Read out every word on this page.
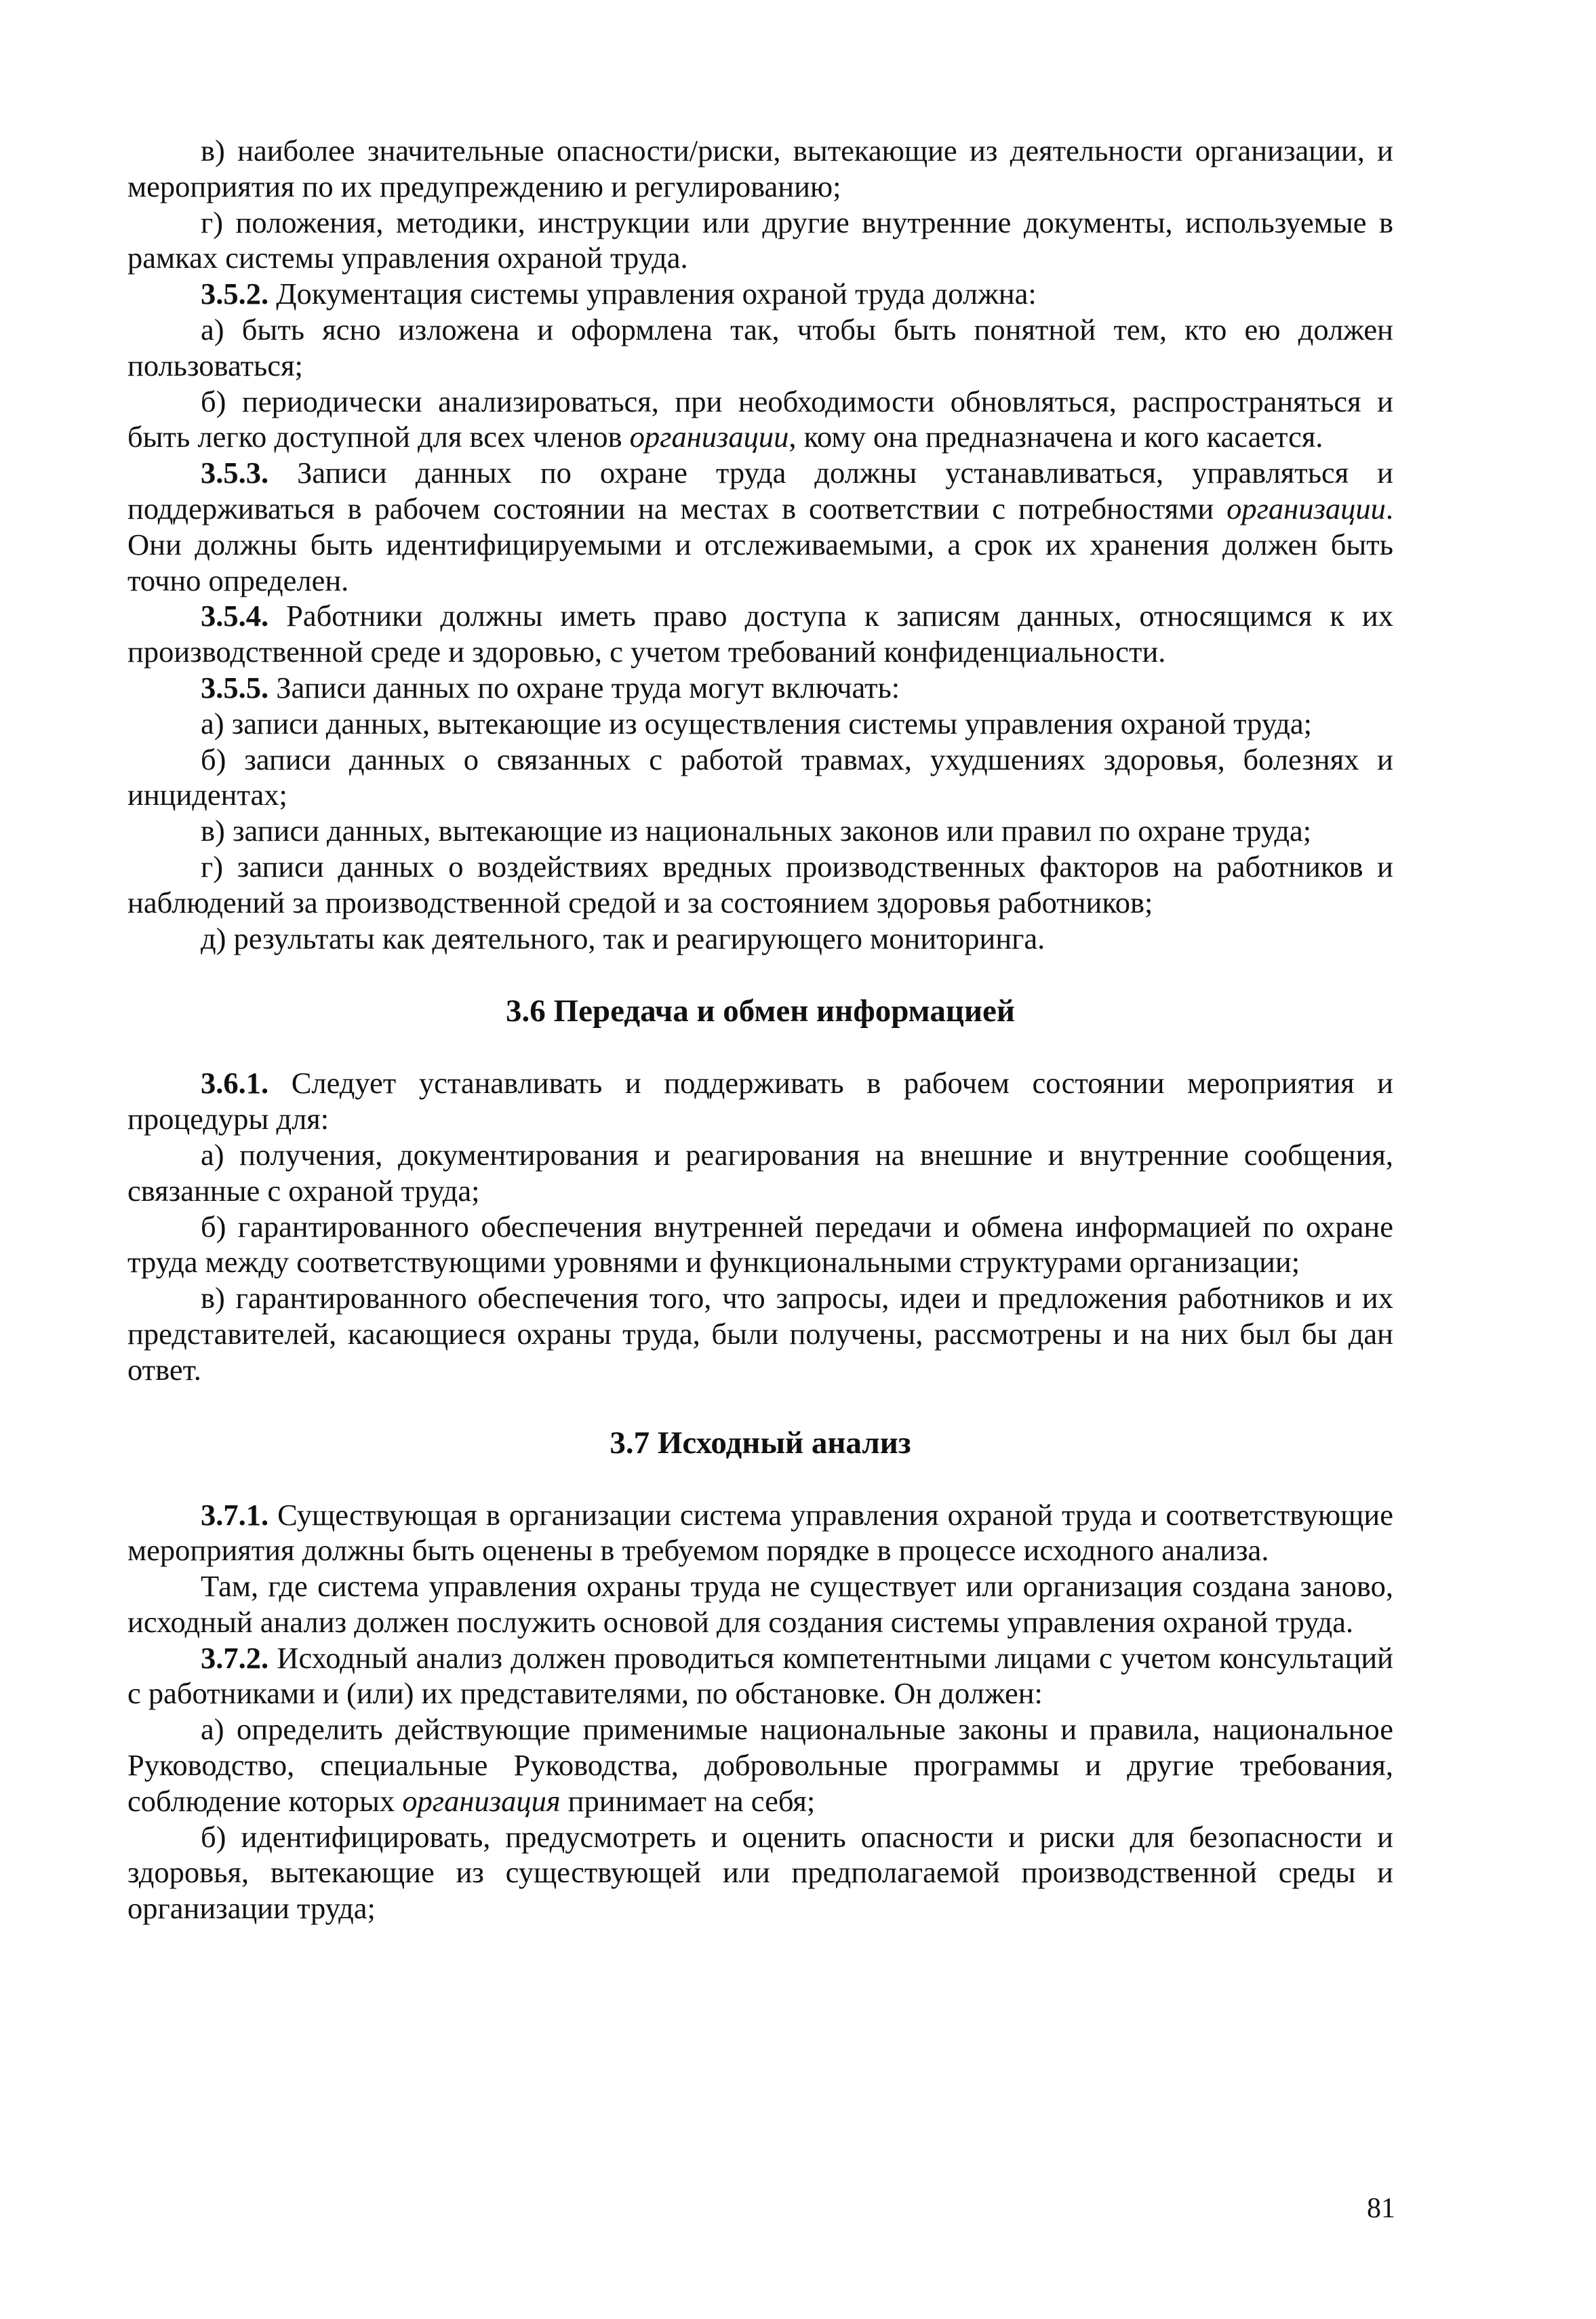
в) наиболее значительные опасности/риски, вытекающие из деятельности организации, и мероприятия по их предупреждению и регулированию;

г) положения, методики, инструкции или другие внутренние документы, используемые в рамках системы управления охраной труда.

3.5.2. Документация системы управления охраной труда должна:

а) быть ясно изложена и оформлена так, чтобы быть понятной тем, кто ею должен пользоваться;

б) периодически анализироваться, при необходимости обновляться, распространяться и быть легко доступной для всех членов организации, кому она предназначена и кого касается.

3.5.3. Записи данных по охране труда должны устанавливаться, управляться и поддерживаться в рабочем состоянии на местах в соответствии с потребностями организации. Они должны быть идентифицируемыми и отслеживаемыми, а срок их хранения должен быть точно определен.

3.5.4. Работники должны иметь право доступа к записям данных, относящимся к их производственной среде и здоровью, с учетом требований конфиденциальности.

3.5.5. Записи данных по охране труда могут включать:

а) записи данных, вытекающие из осуществления системы управления охраной труда;

б) записи данных о связанных с работой травмах, ухудшениях здоровья, болезнях и инцидентах;

в) записи данных, вытекающие из национальных законов или правил по охране труда;

г) записи данных о воздействиях вредных производственных факторов на работников и наблюдений за производственной средой и за состоянием здоровья работников;

д) результаты как деятельного, так и реагирующего мониторинга.

3.6 Передача и обмен информацией

3.6.1. Следует устанавливать и поддерживать в рабочем состоянии мероприятия и процедуры для:

а) получения, документирования и реагирования на внешние и внутренние сообщения, связанные с охраной труда;

б) гарантированного обеспечения внутренней передачи и обмена информацией по охране труда между соответствующими уровнями и функциональными структурами организации;

в) гарантированного обеспечения того, что запросы, идеи и предложения работников и их представителей, касающиеся охраны труда, были получены, рассмотрены и на них был бы дан ответ.

3.7 Исходный анализ

3.7.1. Существующая в организации система управления охраной труда и соответствующие мероприятия должны быть оценены в требуемом порядке в процессе исходного анализа.

Там, где система управления охраны труда не существует или организация создана заново, исходный анализ должен послужить основой для создания системы управления охраной труда.

3.7.2. Исходный анализ должен проводиться компетентными лицами с учетом консультаций с работниками и (или) их представителями, по обстановке. Он должен:

а) определить действующие применимые национальные законы и правила, национальное Руководство, специальные Руководства, добровольные программы и другие требования, соблюдение которых организация принимает на себя;

б) идентифицировать, предусмотреть и оценить опасности и риски для безопасности и здоровья, вытекающие из существующей или предполагаемой производственной среды и организации труда;

81
